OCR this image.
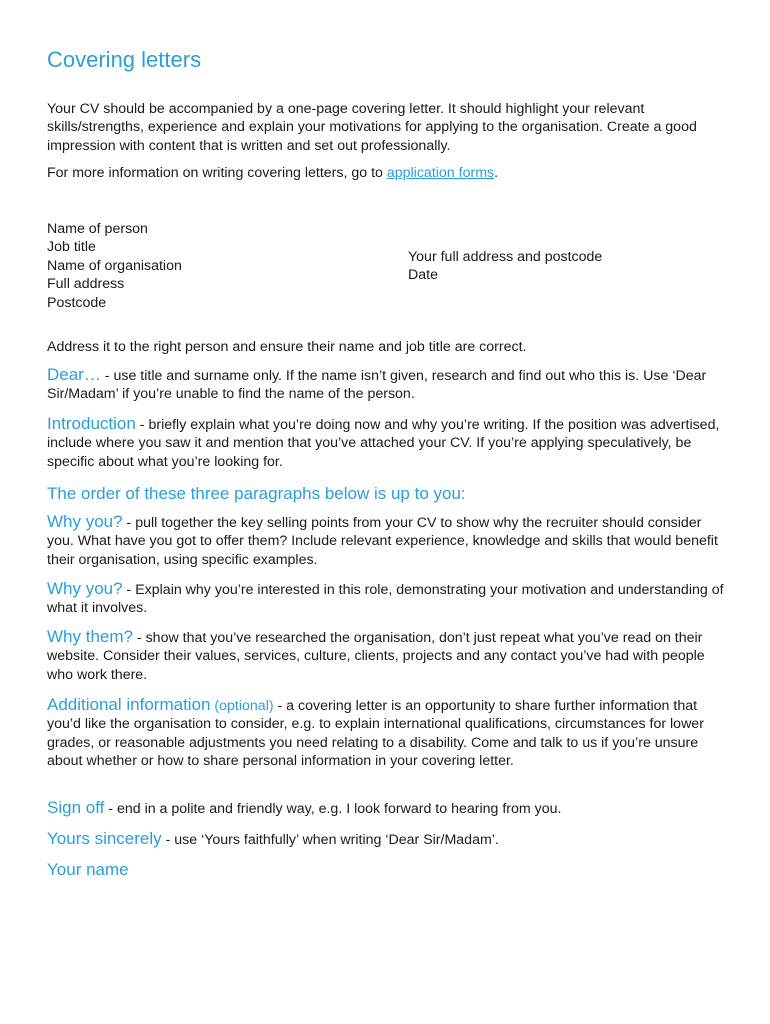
Covering letters

Your CV should be accompanied by a one-page covering letter. It should highlight your relevant skills/strengths, experience and explain your motivations for applying to the organisation. Create a good impression with content that is written and set out professionally.

For more information on writing covering letters, go to application forms.

Name of person
Job title
Name of organisation
Full address
Postcode
Your full address and postcode
Date

Address it to the right person and ensure their name and job title are correct.

Dear… - use title and surname only. If the name isn’t given, research and find out who this is. Use ‘Dear Sir/Madam’ if you’re unable to find the name of the person.

Introduction - briefly explain what you’re doing now and why you’re writing. If the position was advertised, include where you saw it and mention that you’ve attached your CV. If you’re applying speculatively, be specific about what you’re looking for.

The order of these three paragraphs below is up to you:

Why you? - pull together the key selling points from your CV to show why the recruiter should consider you. What have you got to offer them? Include relevant experience, knowledge and skills that would benefit their organisation, using specific examples.

Why you? - Explain why you’re interested in this role, demonstrating your motivation and understanding of what it involves.

Why them? - show that you’ve researched the organisation, don’t just repeat what you’ve read on their website. Consider their values, services, culture, clients, projects and any contact you’ve had with people who work there.

Additional information (optional) - a covering letter is an opportunity to share further information that you’d like the organisation to consider, e.g. to explain international qualifications, circumstances for lower grades, or reasonable adjustments you need relating to a disability. Come and talk to us if you’re unsure about whether or how to share personal information in your covering letter.

Sign off - end in a polite and friendly way, e.g. I look forward to hearing from you.

Yours sincerely - use ‘Yours faithfully’ when writing ‘Dear Sir/Madam’.

Your name
